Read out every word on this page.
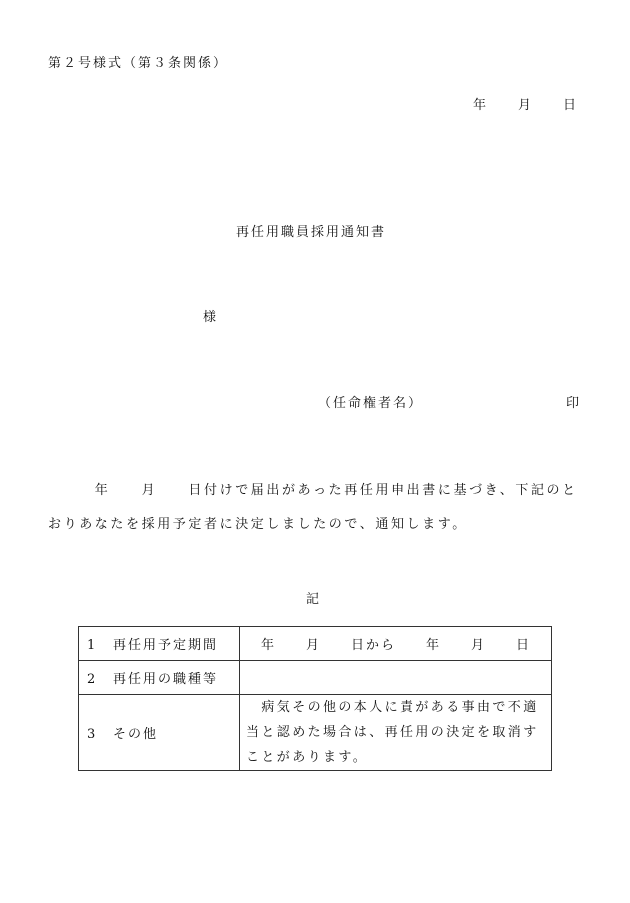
第２号様式（第３条関係）
年　　月　　日
再任用職員採用通知書
様
（任命権者名）	印
　　　年　　月　　日付けで届出があった再任用申出書に基づき、下記のとおりあなたを採用予定者に決定しましたので、通知します。
記
1 再任用予定期間	　年　　月　　日から　　年　　月　　日
2 再任用の職種等	
3 その他	　病気その他の本人に責がある事由で不適当と認めた場合は、再任用の決定を取消すことがあります。
